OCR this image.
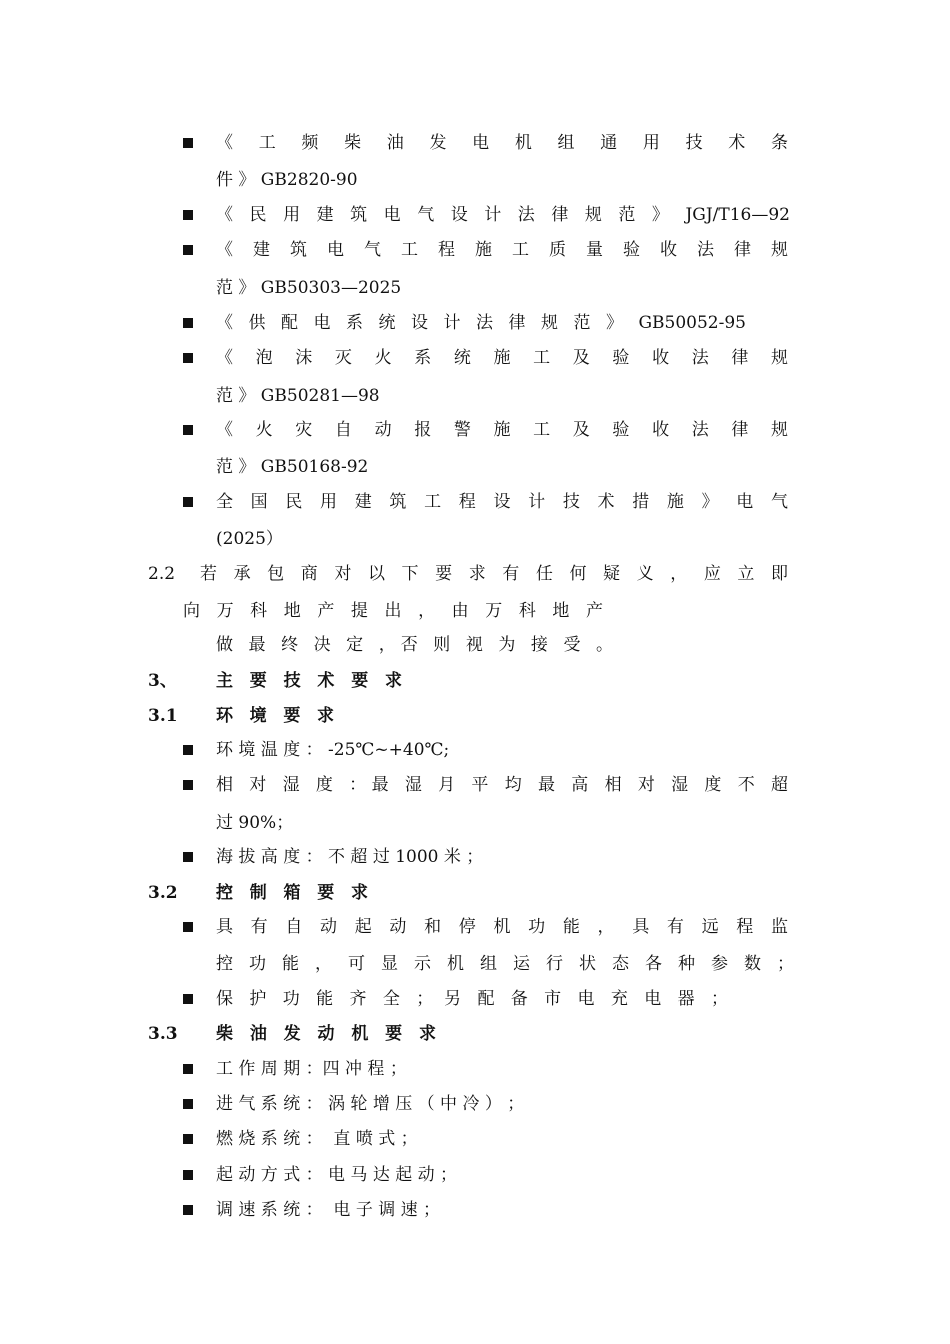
《 工 频 柴 油 发 电 机 组 通 用 技 术 条
件 》 GB2820-90
《 民 用 建 筑 电 气 设 计 法 律 规 范 》 JGJ/T16—92
《 建 筑 电 气 工 程 施 工 质 量 验 收 法 律 规
范 》 GB50303—2025
《 供 配 电 系 统 设 计 法 律 规 范 》 GB50052-95
《 泡 沫 灭 火 系 统 施 工 及 验 收 法 律 规
范 》 GB50281—98
《 火 灾 自 动 报 警 施 工 及 验 收 法 律 规
范 》 GB50168-92
全 国 民 用 建 筑 工 程 设 计 技 术 措 施 》 电 气
(2025）
2.2 若 承 包 商 对 以 下 要 求 有 任 何 疑 义 ， 应 立 即
向 万 科 地 产 提 出 ， 由 万 科 地 产
做 最 终 决 定 ，否 则 视 为 接 受 。
3、 主 要 技 术 要 求
3.1 环 境 要 求
环 境 温 度 ： -25℃~+40℃;
相 对 湿 度 ：最 湿 月 平 均 最 高 相 对 湿 度 不 超
过 90%；
海 拔 高 度 ： 不 超 过 1000 米 ；
3.2 控 制 箱 要 求
具 有 自 动 起 动 和 停 机 功 能 ， 具 有 远 程 监
控 功 能 ， 可 显 示 机 组 运 行 状 态 各 种 参 数 ；
保 护 功 能 齐 全 ； 另 配 备 市 电 充 电 器 ；
3.3 柴 油 发 动 机 要 求
工 作 周 期 ：四 冲 程 ；
进 气 系 统 ： 涡 轮 增 压 （ 中 冷 ） ；
燃 烧 系 统 ：  直 喷 式 ；
起 动 方 式 ： 电 马 达 起 动 ；
调 速 系 统 ：  电 子 调 速 ；
